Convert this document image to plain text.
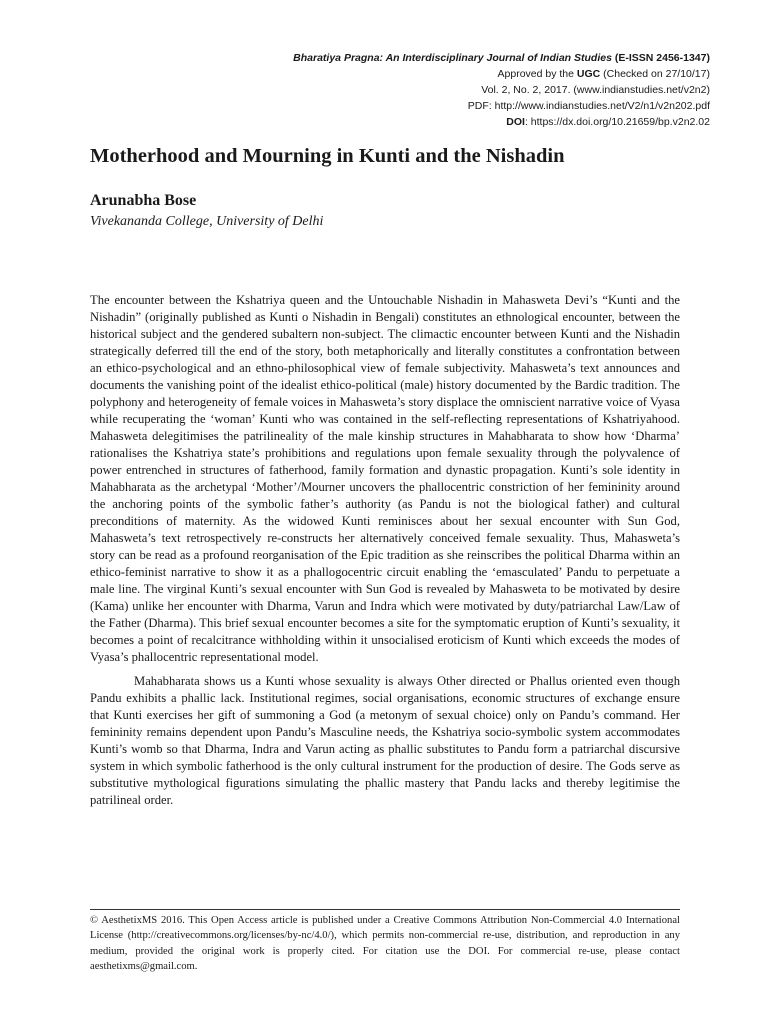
Bharatiya Pragna: An Interdisciplinary Journal of Indian Studies (E-ISSN 2456-1347)
Approved by the UGC (Checked on 27/10/17)
Vol. 2, No. 2, 2017. (www.indianstudies.net/v2n2)
PDF: http://www.indianstudies.net/V2/n1/v2n202.pdf
DOI: https://dx.doi.org/10.21659/bp.v2n2.02
Motherhood and Mourning in Kunti and the Nishadin
Arunabha Bose

Vivekananda College, University of Delhi

The encounter between the Kshatriya queen and the Untouchable Nishadin in Mahasweta Devi’s “Kunti and the Nishadin” (originally published as Kunti o Nishadin in Bengali) constitutes an ethnological encounter, between the historical subject and the gendered subaltern non-subject. The climactic encounter between Kunti and the Nishadin strategically deferred till the end of the story, both metaphorically and literally constitutes a confrontation between an ethico-psychological and an ethno-philosophical view of female subjectivity. Mahasweta’s text announces and documents the vanishing point of the idealist ethico-political (male) history documented by the Bardic tradition. The polyphony and heterogeneity of female voices in Mahasweta’s story displace the omniscient narrative voice of Vyasa while recuperating the ‘woman’ Kunti who was contained in the self-reflecting representations of Kshatriyahood. Mahasweta delegitimises the patrilineality of the male kinship structures in Mahabharata to show how ‘Dharma’ rationalises the Kshatriya state’s prohibitions and regulations upon female sexuality through the polyvalence of power entrenched in structures of fatherhood, family formation and dynastic propagation. Kunti’s sole identity in Mahabharata as the archetypal ‘Mother’/Mourner uncovers the phallocentric constriction of her femininity around the anchoring points of the symbolic father’s authority (as Pandu is not the biological father) and cultural preconditions of maternity. As the widowed Kunti reminisces about her sexual encounter with Sun God, Mahasweta’s text retrospectively re-constructs her alternatively conceived female sexuality. Thus, Mahasweta’s story can be read as a profound reorganisation of the Epic tradition as she reinscribes the political Dharma within an ethico-feminist narrative to show it as a phallogocentric circuit enabling the ‘emasculated’ Pandu to perpetuate a male line. The virginal Kunti’s sexual encounter with Sun God is revealed by Mahasweta to be motivated by desire (Kama) unlike her encounter with Dharma, Varun and Indra which were motivated by duty/patriarchal Law/Law of the Father (Dharma). This brief sexual encounter becomes a site for the symptomatic eruption of Kunti’s sexuality, it becomes a point of recalcitrance withholding within it unsocialised eroticism of Kunti which exceeds the modes of Vyasa’s phallocentric representational model.

Mahabharata shows us a Kunti whose sexuality is always Other directed or Phallus oriented even though Pandu exhibits a phallic lack. Institutional regimes, social organisations, economic structures of exchange ensure that Kunti exercises her gift of summoning a God (a metonym of sexual choice) only on Pandu’s command. Her femininity remains dependent upon Pandu’s Masculine needs, the Kshatriya socio-symbolic system accommodates Kunti’s womb so that Dharma, Indra and Varun acting as phallic substitutes to Pandu form a patriarchal discursive system in which symbolic fatherhood is the only cultural instrument for the production of desire. The Gods serve as substitutive mythological figurations simulating the phallic mastery that Pandu lacks and thereby legitimise the patrilineal order.

© AesthetixMS 2016. This Open Access article is published under a Creative Commons Attribution Non-Commercial 4.0 International License (http://creativecommons.org/licenses/by-nc/4.0/), which permits non-commercial re-use, distribution, and reproduction in any medium, provided the original work is properly cited. For citation use the DOI. For commercial re-use, please contact aesthetixms@gmail.com.
